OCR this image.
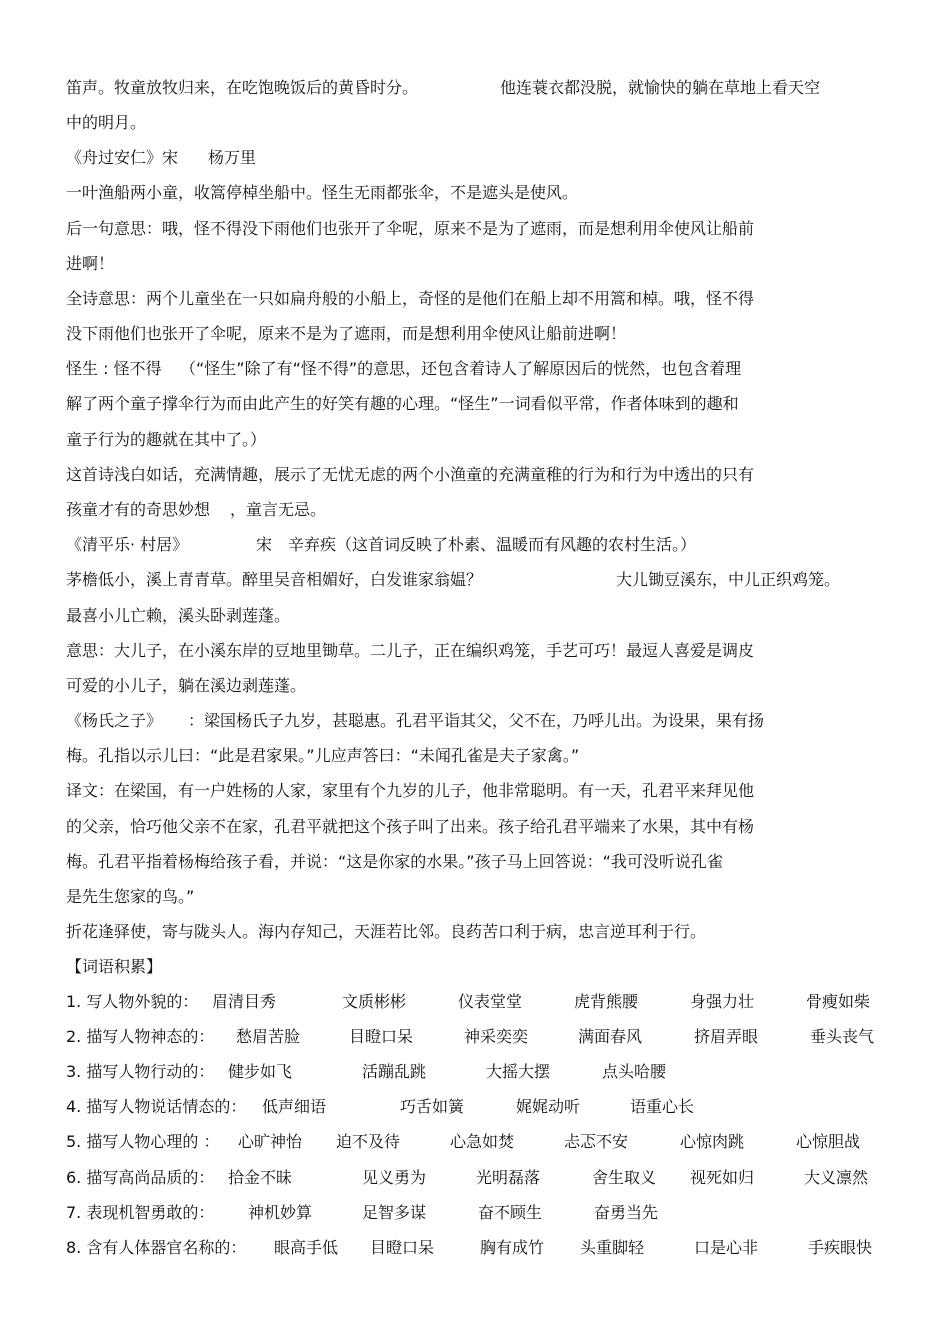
笛声。牧童放牧归来，在吃饱晚饭后的黄昏时分。	他连蓑衣都没脱，就愉快的躺在草地上看天空
中的明月。
《舟过安仁》宋 杨万里
一叶渔船两小童，收篙停棹坐船中。怪生无雨都张伞，不是遮头是使风。
后一句意思：哦，怪不得没下雨他们也张开了伞呢，原来不是为了遮雨，而是想利用伞使风让船前
进啊！
全诗意思：两个儿童坐在一只如扁舟般的小船上，奇怪的是他们在船上却不用篙和棹。哦，怪不得
没下雨他们也张开了伞呢，原来不是为了遮雨，而是想利用伞使风让船前进啊！
怪生 : 怪不得 （“怪生”除了有“怪不得”的意思，还包含着诗人了解原因后的恍然，也包含着理
解了两个童子撑伞行为而由此产生的好笑有趣的心理。“怪生”一词看似平常，作者体味到的趣和
童子行为的趣就在其中了。）
这首诗浅白如话，充满情趣，展示了无忧无虑的两个小渔童的充满童稚的行为和行为中透出的只有
孩童才有的奇思妙想 ，童言无忌。
《清平乐· 村居》	宋　辛弃疾（这首词反映了朴素、温暖而有风趣的农村生活。）
茅檐低小，溪上青青草。醉里吴音相媚好，白发谁家翁媪？	大儿锄豆溪东，中儿正织鸡笼。
最喜小儿亡赖，溪头卧剥莲蓬。
意思：大儿子，在小溪东岸的豆地里锄草。二儿子，正在编织鸡笼，手艺可巧！最逗人喜爱是调皮
可爱的小儿子，躺在溪边剥莲蓬。
《杨氏之子》 ：梁国杨氏子九岁，甚聪惠。孔君平诣其父，父不在，乃呼儿出。为设果，果有扬
梅。孔指以示儿曰：“此是君家果。”儿应声答曰：“未闻孔雀是夫子家禽。”
译文：在梁国，有一户姓杨的人家，家里有个九岁的儿子，他非常聪明。有一天，孔君平来拜见他
的父亲，恰巧他父亲不在家，孔君平就把这个孩子叫了出来。孩子给孔君平端来了水果，其中有杨
梅。孔君平指着杨梅给孩子看，并说：“这是你家的水果。”孩子马上回答说：“我可没听说孔雀
是先生您家的鸟。”
折花逢驿使，寄与陇头人。海内存知己，天涯若比邻。良药苦口利于病，忠言逆耳利于行。
【词语积累】
1. 写人物外貌的： 眉清目秀	文质彬彬	仪表堂堂	虎背熊腰	身强力壮	骨瘦如柴
2. 描写人物神态的： 愁眉苦脸	目瞪口呆	神采奕奕	满面春风	挤眉弄眼	垂头丧气
3. 描写人物行动的： 健步如飞	活蹦乱跳	大摇大摆	点头哈腰
4. 描写人物说话情态的： 低声细语	巧舌如簧	娓娓动听	语重心长
5. 描写人物心理的 ： 心旷神怡 迫不及待	心急如焚	忐忑不安	心惊肉跳	心惊胆战
6. 描写高尚品质的： 拾金不昧	见义勇为	光明磊落	舍生取义 视死如归	大义凛然
7. 表现机智勇敢的： 神机妙算	足智多谋	奋不顾生	奋勇当先
8. 含有人体器官名称的： 眼高手低 目瞪口呆	胸有成竹 头重脚轻	口是心非	手疾眼快
